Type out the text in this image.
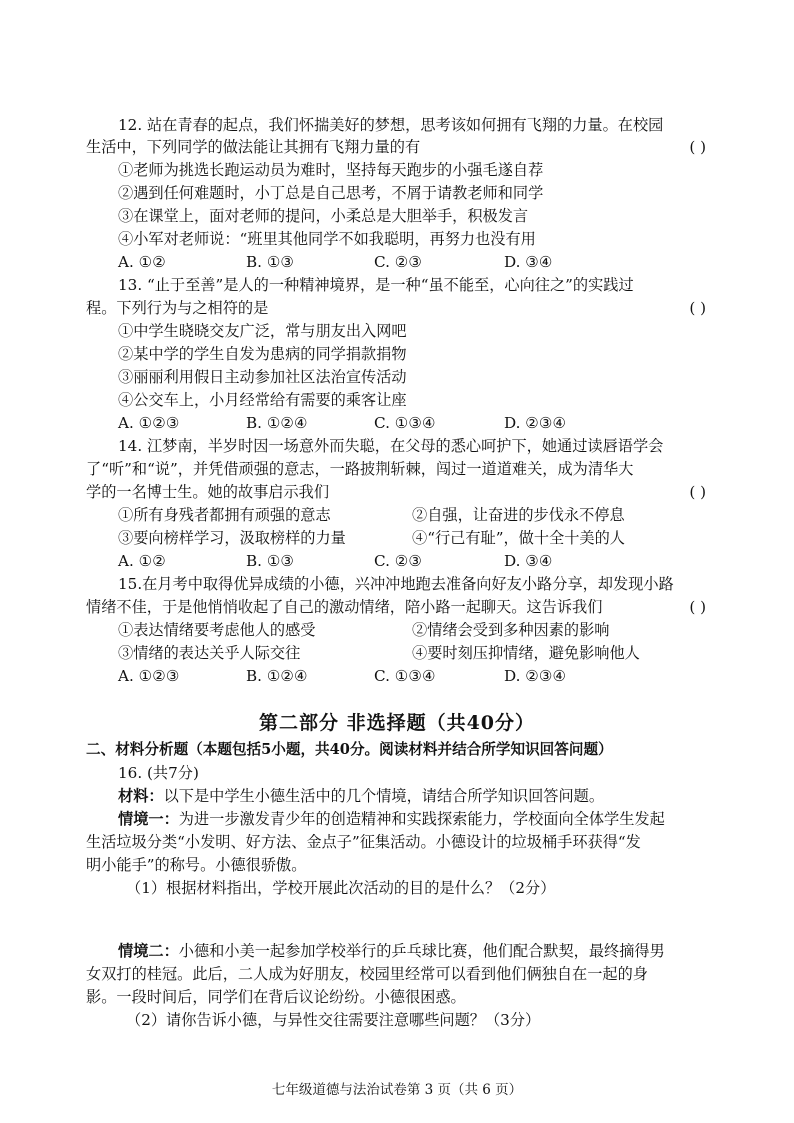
12. 站在青春的起点，我们怀揣美好的梦想，思考该如何拥有飞翔的力量。在校园
生活中，下列同学的做法能让其拥有飞翔力量的有	( )
①老师为挑选长跑运动员为难时，坚持每天跑步的小强毛遂自荐
②遇到任何难题时，小丁总是自己思考，不屑于请教老师和同学
③在课堂上，面对老师的提问，小柔总是大胆举手，积极发言
④小军对老师说：“班里其他同学不如我聪明，再努力也没有用
A. ①②	B. ①③	C. ②③	D. ③④
13. “止于至善”是人的一种精神境界，是一种“虽不能至，心向往之”的实践过
程。下列行为与之相符的是	( )
①中学生晓晓交友广泛，常与朋友出入网吧
②某中学的学生自发为患病的同学捐款捐物
③丽丽利用假日主动参加社区法治宣传活动
④公交车上，小月经常给有需要的乘客让座
A. ①②③	B. ①②④	C. ①③④	D. ②③④
14. 江梦南，半岁时因一场意外而失聪，在父母的悉心呵护下，她通过读唇语学会
了“听”和“说”，并凭借顽强的意志，一路披荆斩棘，闯过一道道难关，成为清华大
学的一名博士生。她的故事启示我们	( )
①所有身残者都拥有顽强的意志	②自强，让奋进的步伐永不停息
③要向榜样学习，汲取榜样的力量	④“行己有耻”，做十全十美的人
A. ①②	B. ①③	C. ②③	D. ③④
15.在月考中取得优异成绩的小德，兴冲冲地跑去准备向好友小路分享，却发现小路
情绪不佳，于是他悄悄收起了自己的激动情绪，陪小路一起聊天。这告诉我们	( )
①表达情绪要考虑他人的感受	②情绪会受到多种因素的影响
③情绪的表达关乎人际交往	④要时刻压抑情绪，避免影响他人
A. ①②③	B. ①②④	C. ①③④	D. ②③④
第二部分 非选择题（共40分）
二、材料分析题（本题包括5小题，共40分。阅读材料并结合所学知识回答问题）
16. (共7分)
材料：以下是中学生小德生活中的几个情境，请结合所学知识回答问题。
情境一：为进一步激发青少年的创造精神和实践探索能力，学校面向全体学生发起
生活垃圾分类“小发明、好方法、金点子”征集活动。小德设计的垃圾桶手环获得“发
明小能手”的称号。小德很骄傲。
（1）根据材料指出，学校开展此次活动的目的是什么？（2分）
情境二：小德和小美一起参加学校举行的乒乓球比赛，他们配合默契，最终摘得男
女双打的桂冠。此后，二人成为好朋友，校园里经常可以看到他们俩独自在一起的身
影。一段时间后，同学们在背后议论纷纷。小德很困惑。
（2）请你告诉小德，与异性交往需要注意哪些问题？（3分）
七年级道德与法治试卷第 3 页（共 6 页）
